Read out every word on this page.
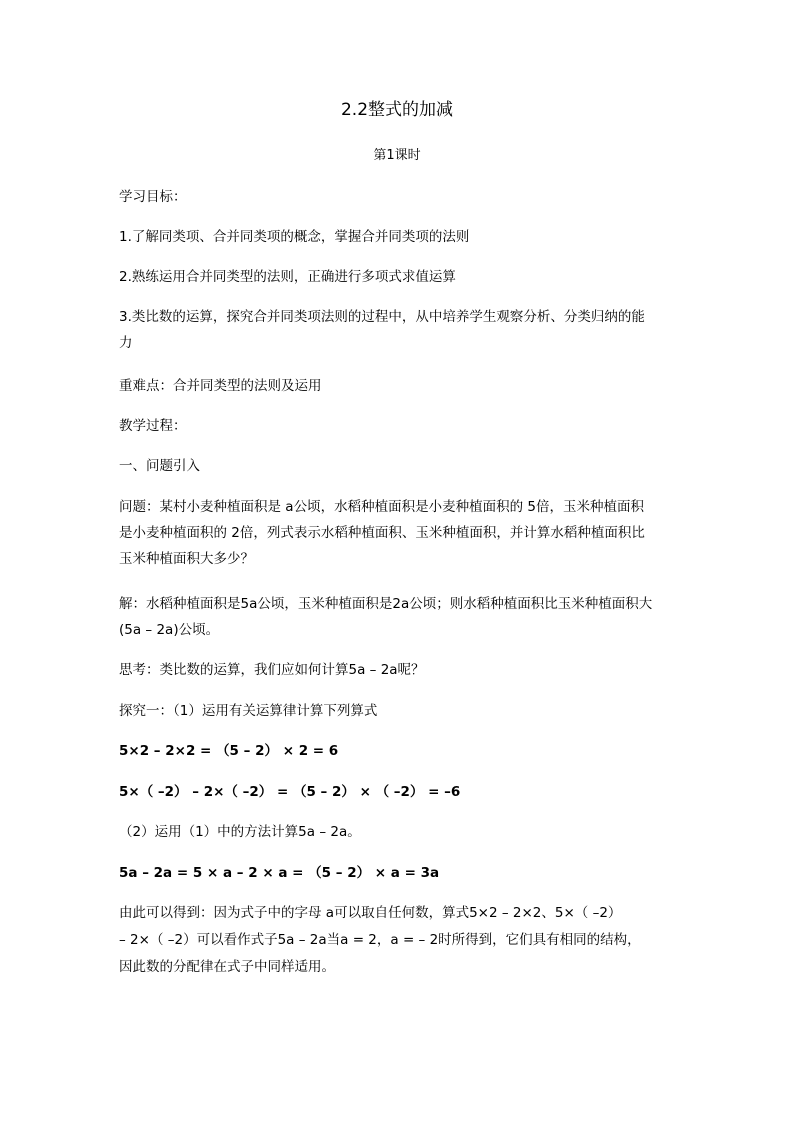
2.2整式的加减
第1课时
学习目标：
1.了解同类项、合并同类项的概念，掌握合并同类项的法则
2.熟练运用合并同类型的法则，正确进行多项式求值运算
3.类比数的运算，探究合并同类项法则的过程中，从中培养学生观察分析、分类归纳的能
力
重难点：合并同类型的法则及运用
教学过程：
一、问题引入
问题：某村小麦种植面积是 a公顷，水稻种植面积是小麦种植面积的 5倍，玉米种植面积
是小麦种植面积的 2倍，列式表示水稻种植面积、玉米种植面积，并计算水稻种植面积比
玉米种植面积大多少？
解：水稻种植面积是5a公顷，玉米种植面积是2a公顷；则水稻种植面积比玉米种植面积大
(5a – 2a)公顷。
思考：类比数的运算，我们应如何计算5a – 2a呢？
探究一：（1）运用有关运算律计算下列算式
5×2 – 2×2 = （5 – 2） × 2 = 6
5×（ –2） – 2×（ –2） = （5 – 2） × （ –2） = –6
（2）运用（1）中的方法计算5a – 2a。
5a – 2a = 5 × a – 2 × a = （5 – 2） × a = 3a
由此可以得到：因为式子中的字母 a可以取自任何数，算式5×2 – 2×2、5×（ –2）
– 2×（ –2）可以看作式子5a – 2a当a = 2，a = – 2时所得到，它们具有相同的结构，
因此数的分配律在式子中同样适用。
